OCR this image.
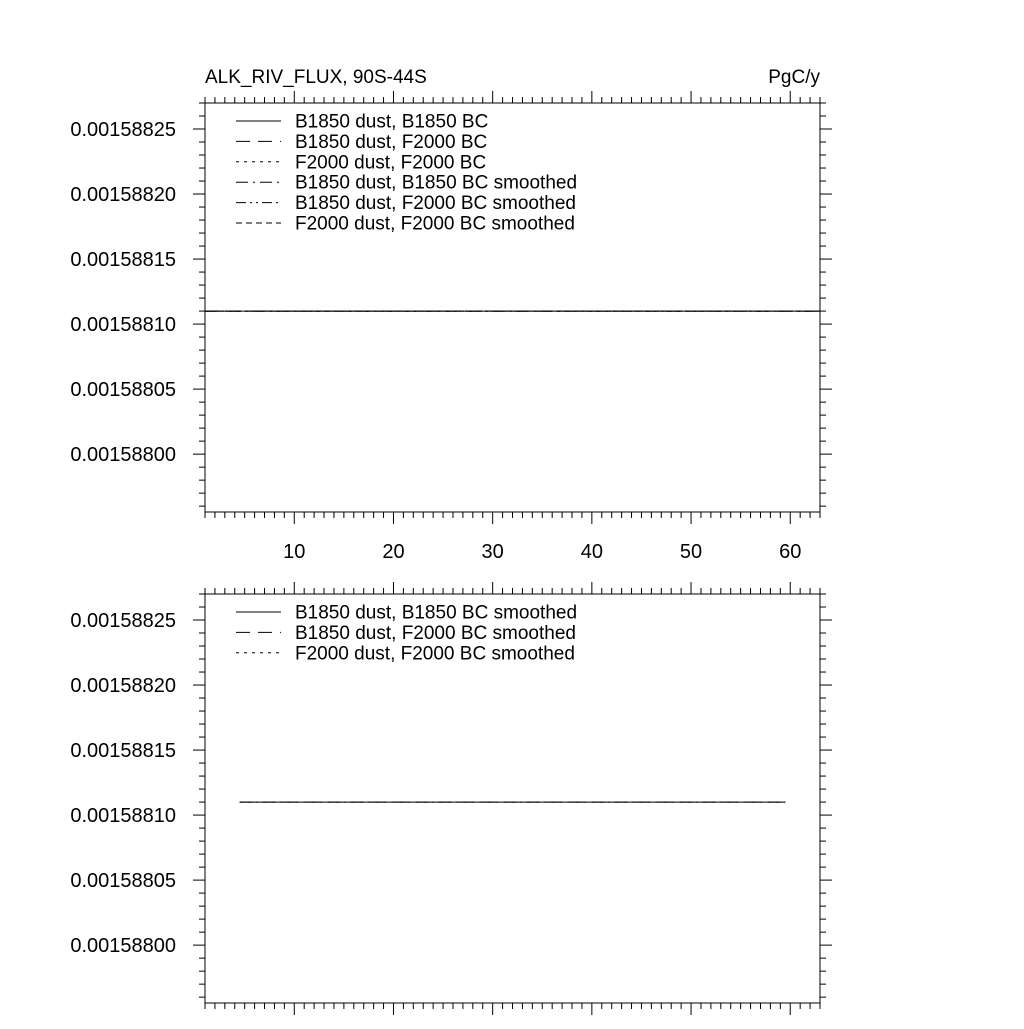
ALK_RIV_FLUX, 90S-44S	PgC/y
10	20	30	40	50	60
0.00158800
0.00158805
0.00158810
0.00158815
0.00158820
0.00158825	B1850 dust, B1850 BC
B1850 dust, F2000 BC
F2000 dust, F2000 BC
B1850 dust, B1850 BC smoothed
B1850 dust, F2000 BC smoothed
F2000 dust, F2000 BC smoothed
0.00158800
0.00158805
0.00158810
0.00158815
0.00158820
0.00158825	B1850 dust, B1850 BC smoothed
B1850 dust, F2000 BC smoothed
F2000 dust, F2000 BC smoothed
